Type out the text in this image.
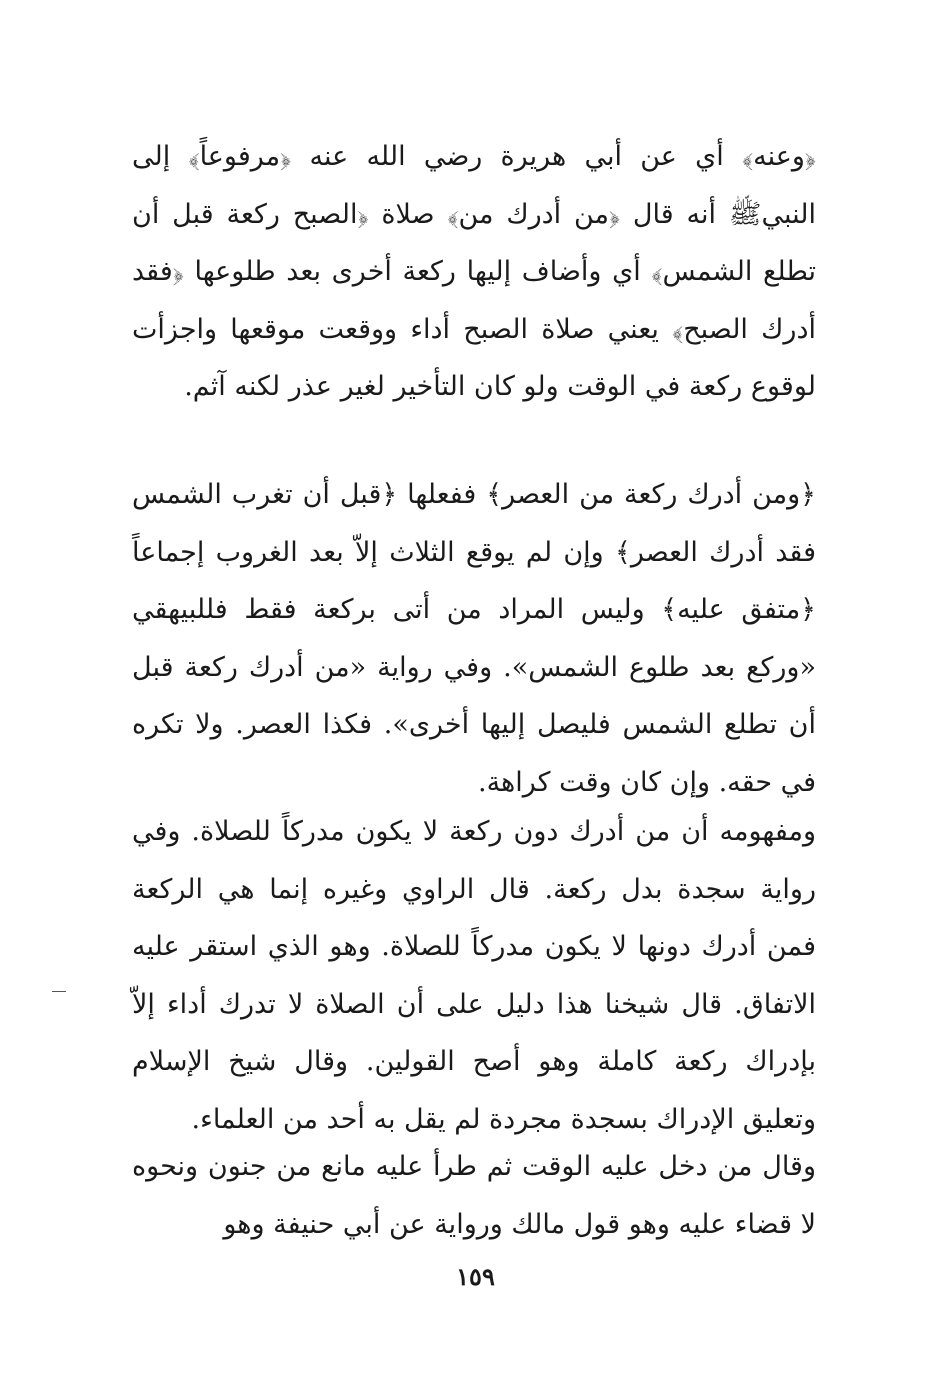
﴿وعنه﴾ أي عن أبي هريرة رضي الله عنه ﴿مرفوعاً﴾ إلى النبيﷺ أنه قال ﴿من أدرك من﴾ صلاة ﴿الصبح ركعة قبل أن تطلع الشمس﴾ أي وأضاف إليها ركعة أخرى بعد طلوعها ﴿فقد أدرك الصبح﴾ يعني صلاة الصبح أداء ووقعت موقعها واجزأت لوقوع ركعة في الوقت ولو كان التأخير لغير عذر لكنه آثم.

﴿ومن أدرك ركعة من العصر﴾ ففعلها ﴿قبل أن تغرب الشمس فقد أدرك العصر﴾ وإن لم يوقع الثلاث إلاّ بعد الغروب إجماعاً ﴿متفق عليه﴾ وليس المراد من أتى بركعة فقط فللبيهقي «وركع بعد طلوع الشمس». وفي رواية «من أدرك ركعة قبل أن تطلع الشمس فليصل إليها أخرى». فكذا العصر. ولا تكره في حقه. وإن كان وقت كراهة.

ومفهومه أن من أدرك دون ركعة لا يكون مدركاً للصلاة. وفي رواية سجدة بدل ركعة. قال الراوي وغيره إنما هي الركعة فمن أدرك دونها لا يكون مدركاً للصلاة. وهو الذي استقر عليه الاتفاق. قال شيخنا هذا دليل على أن الصلاة لا تدرك أداء إلاّ بإدراك ركعة كاملة وهو أصح القولين. وقال شيخ الإسلام وتعليق الإدراك بسجدة مجردة لم يقل به أحد من العلماء.

وقال من دخل عليه الوقت ثم طرأ عليه مانع من جنون ونحوه لا قضاء عليه وهو قول مالك ورواية عن أبي حنيفة وهو

١٥٩
